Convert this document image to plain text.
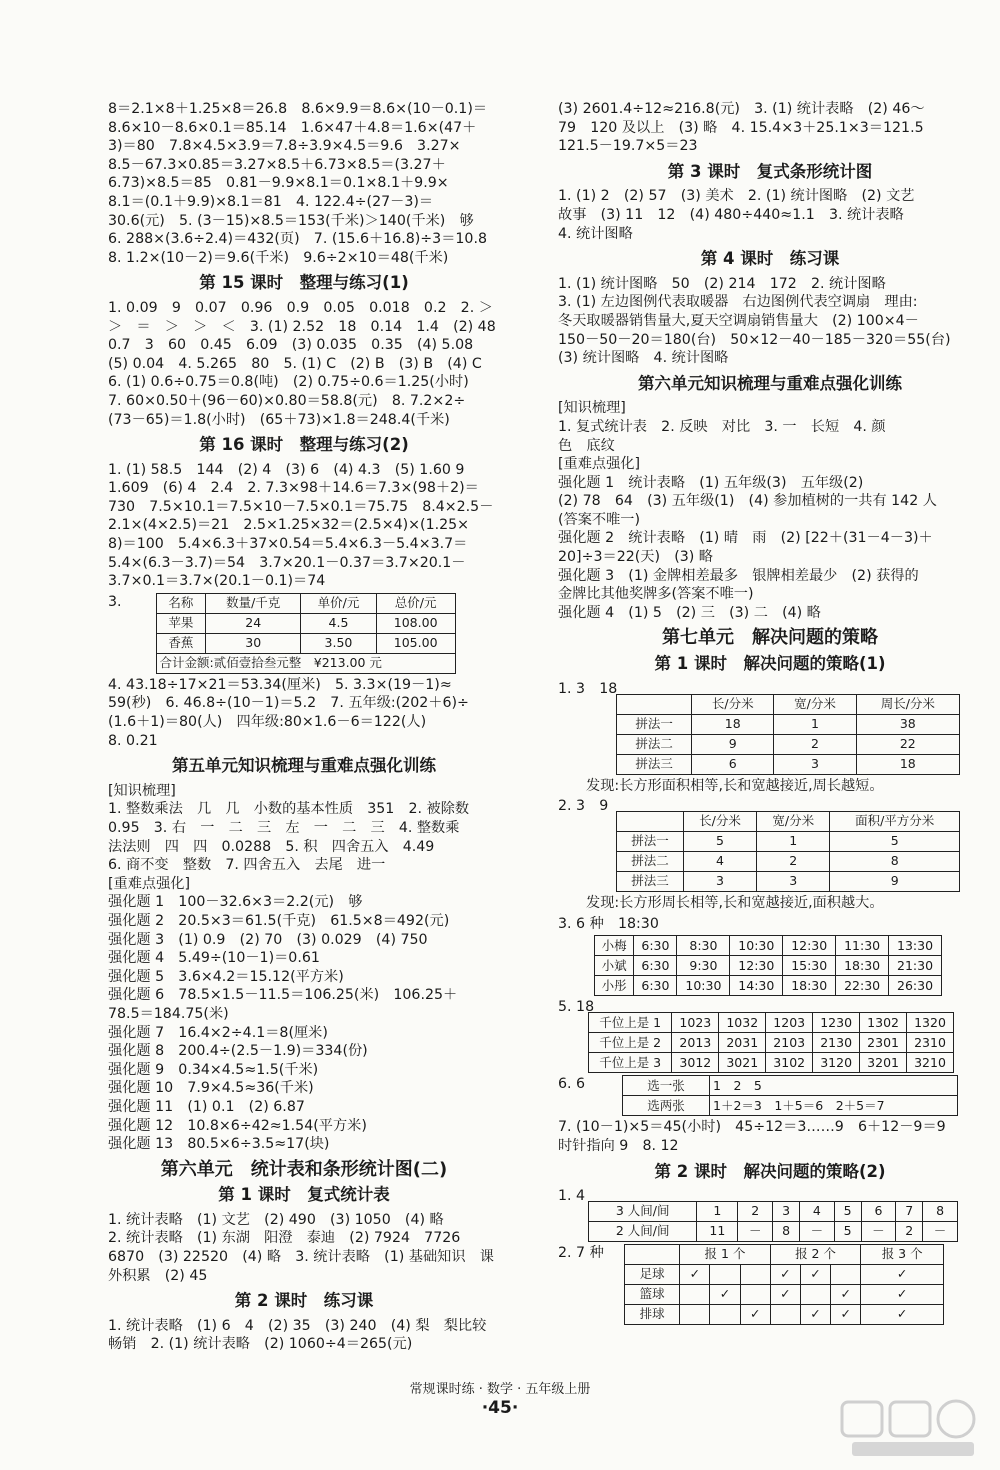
8＝2.1×8＋1.25×8＝26.8　8.6×9.9＝8.6×(10－0.1)＝
8.6×10－8.6×0.1＝85.14　1.6×47＋4.8＝1.6×(47＋
3)＝80　7.8×4.5×3.9＝7.8÷3.9×4.5＝9.6　3.27×
8.5－67.3×0.85＝3.27×8.5＋6.73×8.5＝(3.27＋
6.73)×8.5＝85　0.81－9.9×8.1＝0.1×8.1＋9.9×
8.1＝(0.1＋9.9)×8.1＝81　4. 122.4÷(27－3)＝
30.6(元)　5. (3－15)×8.5＝153(千米)＞140(千米)　够
6. 288×(3.6÷2.4)＝432(页)　7. (15.6＋16.8)÷3＝10.8
8. 1.2×(10－2)＝9.6(千米)　9.6÷2×10＝48(千米)
第 15 课时　整理与练习(1)
1. 0.09　9　0.07　0.96　0.9　0.05　0.018　0.2　2. ＞
＞　＝　＞　＞　＜　3. (1) 2.52　18　0.14　1.4　(2) 48
0.7　3　60　0.45　6.09　(3) 0.035　0.35　(4) 5.08
(5) 0.04　4. 5.265　80　5. (1) C　(2) B　(3) B　(4) C
6. (1) 0.6÷0.75＝0.8(吨)　(2) 0.75÷0.6＝1.25(小时)
7. 60×0.50＋(96－60)×0.80＝58.8(元)　8. 7.2×2÷
(73－65)＝1.8(小时)　(65＋73)×1.8＝248.4(千米)
第 16 课时　整理与练习(2)
1. (1) 58.5　144　(2) 4　(3) 6　(4) 4.3　(5) 1.60 9
1.609　(6) 4　2.4　2. 7.3×98＋14.6＝7.3×(98＋2)＝
730　7.5×10.1＝7.5×10－7.5×0.1＝75.75　8.4×2.5－
2.1×(4×2.5)＝21　2.5×1.25×32＝(2.5×4)×(1.25×
8)＝100　5.4×6.3＋37×0.54＝5.4×6.3－5.4×3.7＝
5.4×(6.3－3.7)＝54　3.7×20.1－0.37＝3.7×20.1－
3.7×0.1＝3.7×(20.1－0.1)＝74
3.	名称	数量/千克	单价/元	总价/元
苹果	24	4.5	108.00
香蕉	30	3.50	105.00
合计金额:贰佰壹拾叁元整　¥213.00 元			
4. 43.18÷17×21＝53.34(厘米)　5. 3.3×(19－1)≈
59(秒)　6. 46.8÷(10－1)＝5.2　7. 五年级:(202＋6)÷
(1.6＋1)＝80(人)　四年级:80×1.6－6＝122(人)
8. 0.21
第五单元知识梳理与重难点强化训练
[知识梳理]
1. 整数乘法　几　几　小数的基本性质　351　2. 被除数
0.95　3. 右　一　二　三　左　一　二　三　4. 整数乘
法法则　四　四　0.0288　5. 积　四舍五入　4.49
6. 商不变　整数　7. 四舍五入　去尾　进一
[重难点强化]
强化题 1　100－32.6×3＝2.2(元)　够
强化题 2　20.5×3＝61.5(千克)　61.5×8＝492(元)
强化题 3　(1) 0.9　(2) 70　(3) 0.029　(4) 750
强化题 4　5.49÷(10－1)＝0.61
强化题 5　3.6×4.2＝15.12(平方米)
强化题 6　78.5×1.5－11.5＝106.25(米)　106.25＋
78.5＝184.75(米)
强化题 7　16.4×2÷4.1＝8(厘米)
强化题 8　200.4÷(2.5－1.9)＝334(份)
强化题 9　0.34×4.5≈1.5(千米)
强化题 10　7.9×4.5≈36(千米)
强化题 11　(1) 0.1　(2) 6.87
强化题 12　10.8×6÷42≈1.54(平方米)
强化题 13　80.5×6÷3.5≈17(块)
第六单元　统计表和条形统计图(二)
第 1 课时　复式统计表
1. 统计表略　(1) 文艺　(2) 490　(3) 1050　(4) 略
2. 统计表略　(1) 东湖　阳澄　泰迪　(2) 7924　7726
6870　(3) 22520　(4) 略　3. 统计表略　(1) 基础知识　课
外积累　(2) 45
第 2 课时　练习课
1. 统计表略　(1) 6　4　(2) 35　(3) 240　(4) 梨　梨比较
畅销　2. (1) 统计表略　(2) 1060÷4＝265(元)
(3) 2601.4÷12≈216.8(元)　3. (1) 统计表略　(2) 46～
79　120 及以上　(3) 略　4. 15.4×3＋25.1×3＝121.5
121.5－19.7×5＝23
第 3 课时　复式条形统计图
1. (1) 2　(2) 57　(3) 美术　2. (1) 统计图略　(2) 文艺
故事　(3) 11　12　(4) 480÷440≈1.1　3. 统计表略
4. 统计图略
第 4 课时　练习课
1. (1) 统计图略　50　(2) 214　172　2. 统计图略
3. (1) 左边图例代表取暖器　右边图例代表空调扇　理由:
冬天取暖器销售量大,夏天空调扇销售量大　(2) 100×4－
150－50－20＝180(台)　50×12－40－185－320＝55(台)
(3) 统计图略　4. 统计图略
第六单元知识梳理与重难点强化训练
[知识梳理]
1. 复式统计表　2. 反映　对比　3. 一　长短　4. 颜
色　底纹
[重难点强化]
强化题 1　统计表略　(1) 五年级(3)　五年级(2)
(2) 78　64　(3) 五年级(1)　(4) 参加植树的一共有 142 人
(答案不唯一)
强化题 2　统计表略　(1) 晴　雨　(2) [22＋(31－4－3)＋
20]÷3＝22(天)　(3) 略
强化题 3　(1) 金牌相差最多　银牌相差最少　(2) 获得的
金牌比其他奖牌多(答案不唯一)
强化题 4　(1) 5　(2) 三　(3) 二　(4) 略
第七单元　解决问题的策略
第 1 课时　解决问题的策略(1)
1. 3　18
	长/分米	宽/分米	周长/分米
拼法一	18	1	38
拼法二	9	2	22
拼法三	6	3	18
发现:长方形面积相等,长和宽越接近,周长越短。
2. 3　9
	长/分米	宽/分米	面积/平方分米
拼法一	5	1	5
拼法二	4	2	8
拼法三	3	3	9
发现:长方形周长相等,长和宽越接近,面积越大。
3. 6 种　18:30
小梅	6:30	8:30	10:30	12:30	11:30	13:30
小斌	6:30	9:30	12:30	15:30	18:30	21:30
小彤	6:30	10:30	14:30	18:30	22:30	26:30
5. 18
千位上是 1	1023	1032	1203	1230	1302	1320
千位上是 2	2013	2031	2103	2130	2301	2310
千位上是 3	3012	3021	3102	3120	3201	3210
6. 6	选一张	1　2　5
选两张	1＋2＝3　1＋5＝6　2＋5＝7
7. (10－1)×5＝45(小时)　45÷12＝3……9　6＋12－9＝9
时针指向 9　8. 12
第 2 课时　解决问题的策略(2)
1. 4
3 人间/间	1	2	3	4	5	6	7	8
2 人间/间	11	－	8	－	5	－	2	－
2. 7 种
		报 1 个			报 2 个			报 3 个
足球	✓			✓	✓		✓
篮球		✓		✓		✓	✓
排球			✓		✓	✓	✓
常规课时练 · 数学 · 五年级上册
·45·
